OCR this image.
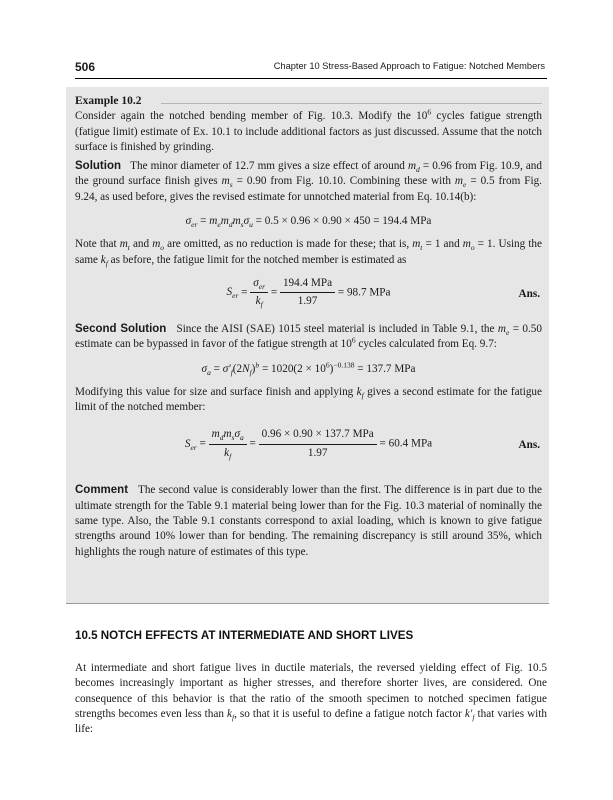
506	Chapter 10 Stress-Based Approach to Fatigue: Notched Members
Example 10.2

Consider again the notched bending member of Fig. 10.3. Modify the $10^6$ cycles fatigue strength (fatigue limit) estimate of Ex. 10.1 to include additional factors as just discussed. Assume that the notch surface is finished by grinding.

Solution   The minor diameter of 12.7 mm gives a size effect of around $m_d = 0.96$ from Fig. 10.9, and the ground surface finish gives $m_s = 0.90$ from Fig. 10.10. Combining these with $m_e = 0.5$ from Fig. 9.24, as used before, gives the revised estimate for unnotched material from Eq. 10.14(b):

$\sigma_{er} = m_em_dm_s\sigma_u = 0.5 \times 0.96 \times 0.90 \times 450 = 194.4$ MPa

Note that $m_t$ and $m_o$ are omitted, as no reduction is made for these; that is, $m_t = 1$ and $m_o = 1$. Using the same $k_f$ as before, the fatigue limit for the notched member is estimated as

$S_{er} = \frac{\sigma_{er}}{k_f} = \frac{\text{194.4 MPa}}{1.97} = 98.7$ MPa	Ans.

Second Solution   Since the AISI (SAE) 1015 steel material is included in Table 9.1, the $m_e = 0.50$ estimate can be bypassed in favor of the fatigue strength at $10^6$ cycles calculated from Eq. 9.7:

$\sigma_a = \sigma'_f(2N_f)^b = 1020(2 \times 10^6)^{-0.138} = 137.7$ MPa

Modifying this value for size and surface finish and applying $k_f$ gives a second estimate for the fatigue limit of the notched member:

$S_{er} = \frac{m_dm_s\sigma_a}{k_f} = \frac{\text{0.96 × 0.90 × 137.7 MPa}}{1.97} = 60.4$ MPa	Ans.

Comment The second value is considerably lower than the first. The difference is in part due to the ultimate strength for the Table 9.1 material being lower than for the Fig. 10.3 material of nominally the same type. Also, the Table 9.1 constants correspond to axial loading, which is known to give fatigue strengths around 10% lower than for bending. The remaining discrepancy is still around 35%, which highlights the rough nature of estimates of this type.

10.5 NOTCH EFFECTS AT INTERMEDIATE AND SHORT LIVES
At intermediate and short fatigue lives in ductile materials, the reversed yielding effect of Fig. 10.5 becomes increasingly important as higher stresses, and therefore shorter lives, are considered. One consequence of this behavior is that the ratio of the smooth specimen to notched specimen fatigue strengths becomes even less than $k_f$, so that it is useful to define a fatigue notch factor $k'_f$ that varies with life:
